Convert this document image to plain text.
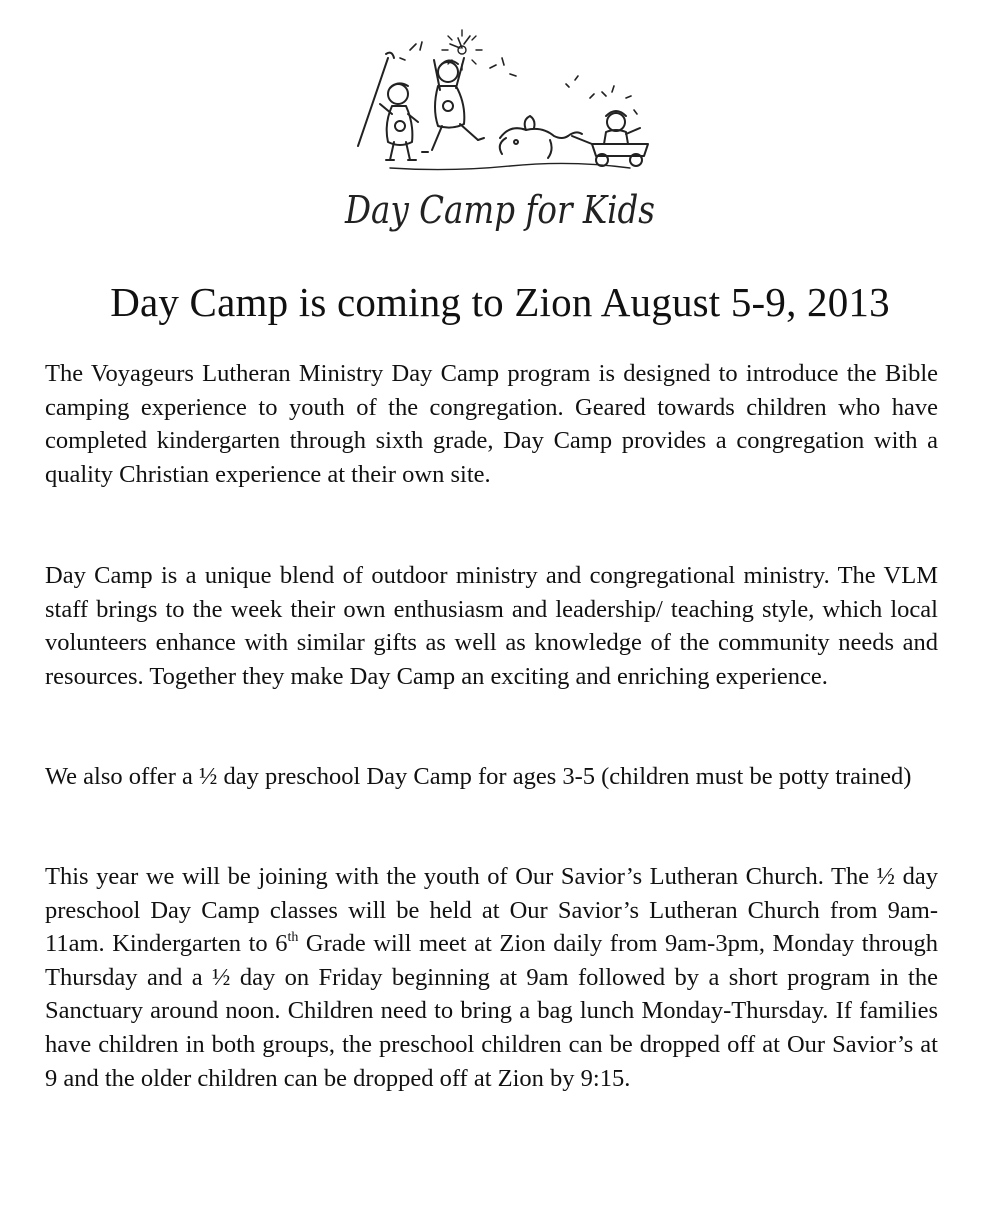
Day Camp for Kids
Day Camp is coming to Zion August 5-9, 2013

The Voyageurs Lutheran Ministry Day Camp program is designed to introduce the Bible camping experience to youth of the congregation. Geared towards children who have completed kindergarten through sixth grade, Day Camp provides a congregation with a quality Christian experience at their own site.

Day Camp is a unique blend of outdoor ministry and congregational ministry. The VLM staff brings to the week their own enthusiasm and leadership/ teaching style, which local volunteers enhance with similar gifts as well as knowledge of the community needs and resources. Together they make Day Camp an exciting and enriching experience.

We also offer a ½ day preschool Day Camp for ages 3-5 (children must be potty trained)

This year we will be joining with the youth of Our Savior’s Lutheran Church. The ½ day preschool Day Camp classes will be held at Our Savior’s Lutheran Church from 9am-11am. Kindergarten to 6th Grade will meet at Zion daily from 9am-3pm, Monday through Thursday and a ½ day on Friday beginning at 9am followed by a short program in the Sanctuary around noon. Children need to bring a bag lunch Monday-Thursday. If families have children in both groups, the preschool children can be dropped off at Our Savior’s at 9 and the older children can be dropped off at Zion by 9:15.
